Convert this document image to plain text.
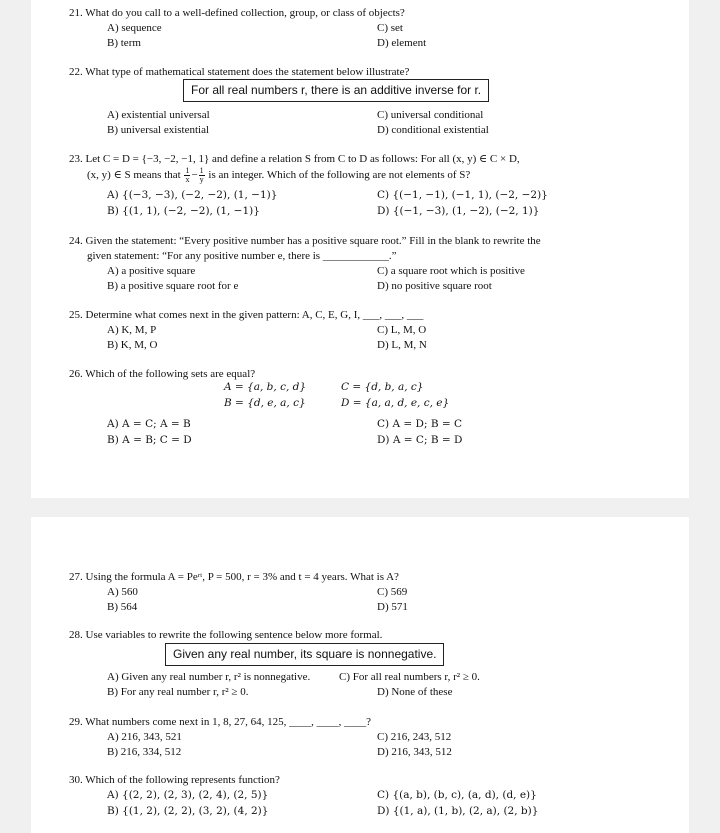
21. What do you call to a well-defined collection, group, or class of objects?
A) sequence
B) term
C) set
D) element
22. What type of mathematical statement does the statement below illustrate?
For all real numbers r, there is an additive inverse for r.
A) existential universal
B) universal existential
C) universal conditional
D) conditional existential
23. Let C = D = {−3, −2, −1, 1} and define a relation S from C to D as follows: For all (x, y) ∈ C × D,
(x, y) ∈ S means that $\frac{1}{x} - \frac{1}{y}$ is an integer. Which of the following are not elements of S?
A) {(−3, −3), (−2, −2), (1, −1)}
B) {(1, 1), (−2, −2), (1, −1)}
C) {(−1, −1), (−1, 1), (−2, −2)}
D) {(−1, −3), (1, −2), (−2, 1)}
24. Given the statement: “Every positive number has a positive square root.” Fill in the blank to rewrite the
given statement: “For any positive number e, there is ____________.”
A) a positive square
B) a positive square root for e
C) a square root which is positive
D) no positive square root
25. Determine what comes next in the given pattern: A, C, E, G, I, ___, ___, ___
A) K, M, P
B) K, M, O
C) L, M, O
D) L, M, N
26. Which of the following sets are equal?
A = {a, b, c, d}
B = {d, e, a, c}
C = {d, b, a, c}
D = {a, a, d, e, c, e}
A) A = C; A = B
B) A = B; C = D
C) A = D; B = C
D) A = C; B = D
27. Using the formula A = Peʳᵗ, P = 500, r = 3% and t = 4 years. What is A?
A) 560
B) 564
C) 569
D) 571
28. Use variables to rewrite the following sentence below more formal.
Given any real number, its square is nonnegative.
A) Given any real number r, r² is nonnegative.	C) For all real numbers r, r² ≥ 0.
B) For any real number r, r² ≥ 0.	D) None of these
29. What numbers come next in 1, 8, 27, 64, 125, ____, ____, ____?
A) 216, 343, 521
B) 216, 334, 512
C) 216, 243, 512
D) 216, 343, 512
30. Which of the following represents function?
A) {(2, 2), (2, 3), (2, 4), (2, 5)}
B) {(1, 2), (2, 2), (3, 2), (4, 2)}
C) {(a, b), (b, c), (a, d), (d, e)}
D) {(1, a), (1, b), (2, a), (2, b)}
